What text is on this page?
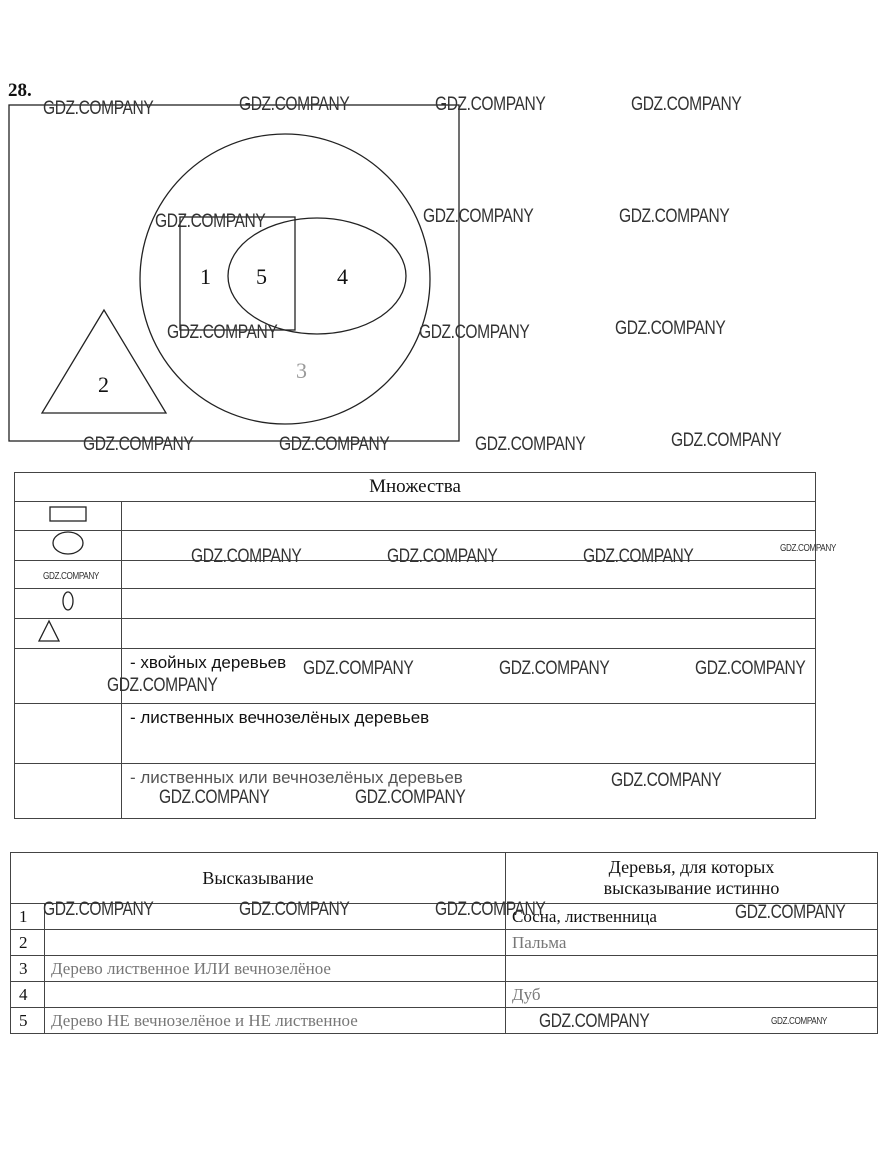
28.
1 5	4
2
3
Множества	

	- хвойных деревьев
	- лиственных вечнозелёных деревьев
	- лиственных или вечнозелёных деревьев
Высказывание		Деревья, для которых
высказывание истинно

1		Сосна, лиственница
2		Пальма
3	Дерево лиственное ИЛИ вечнозелёное	
4		Дуб
5	Дерево НЕ вечнозелёное и НЕ лиственное	
GDZ.COMPANY	GDZ.COMPANY	GDZ.COMPANY	GDZ.COMPANY
GDZ.COMPANY	GDZ.COMPANY	GDZ.COMPANY
GDZ.COMPANY	GDZ.COMPANY	GDZ.COMPANY
GDZ.COMPANY	GDZ.COMPANY	GDZ.COMPANY	GDZ.COMPANY
GDZ.COMPANY	GDZ.COMPANY	GDZ.COMPANY	GDZ.COMPANY
GDZ.COMPANY
GDZ.COMPANY	GDZ.COMPANY	GDZ.COMPANY
GDZ.COMPANY
GDZ.COMPANY
GDZ.COMPANY	GDZ.COMPANY
GDZ.COMPANY	GDZ.COMPANY	GDZ.COMPANY	GDZ.COMPANY
GDZ.COMPANY	GDZ.COMPANY
